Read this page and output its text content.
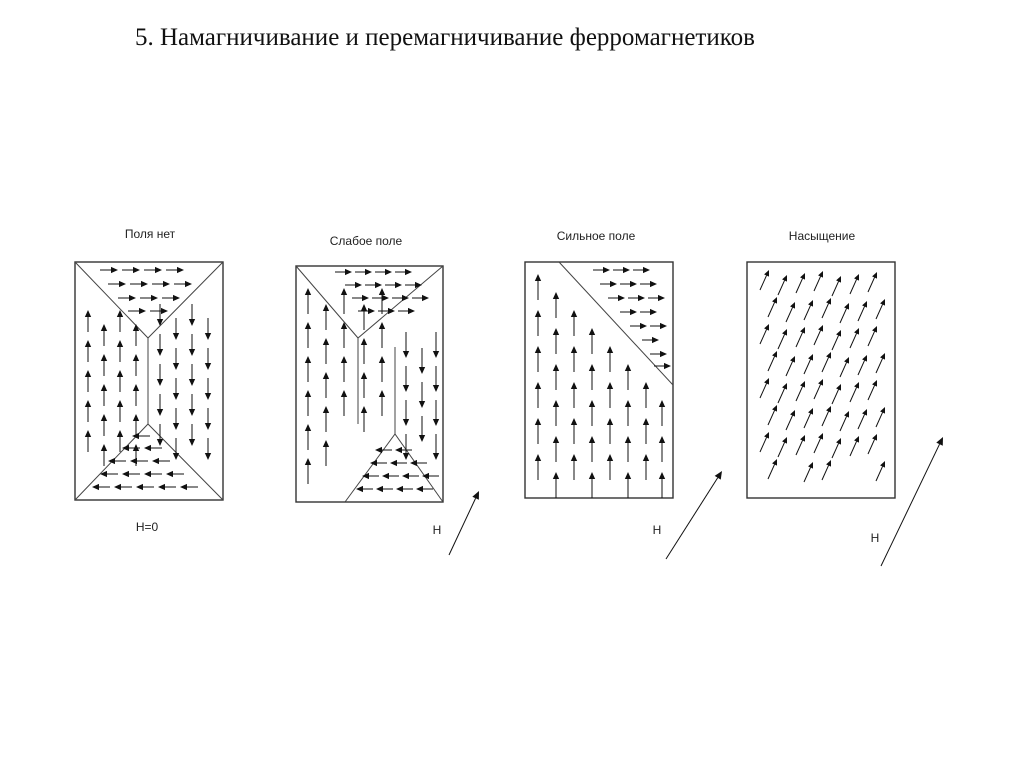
5. Намагничивание и перемагничивание ферромагнетиков
Поля нет
H=0
Слабое поле
H
Сильное поле
H
Насыщение
H
